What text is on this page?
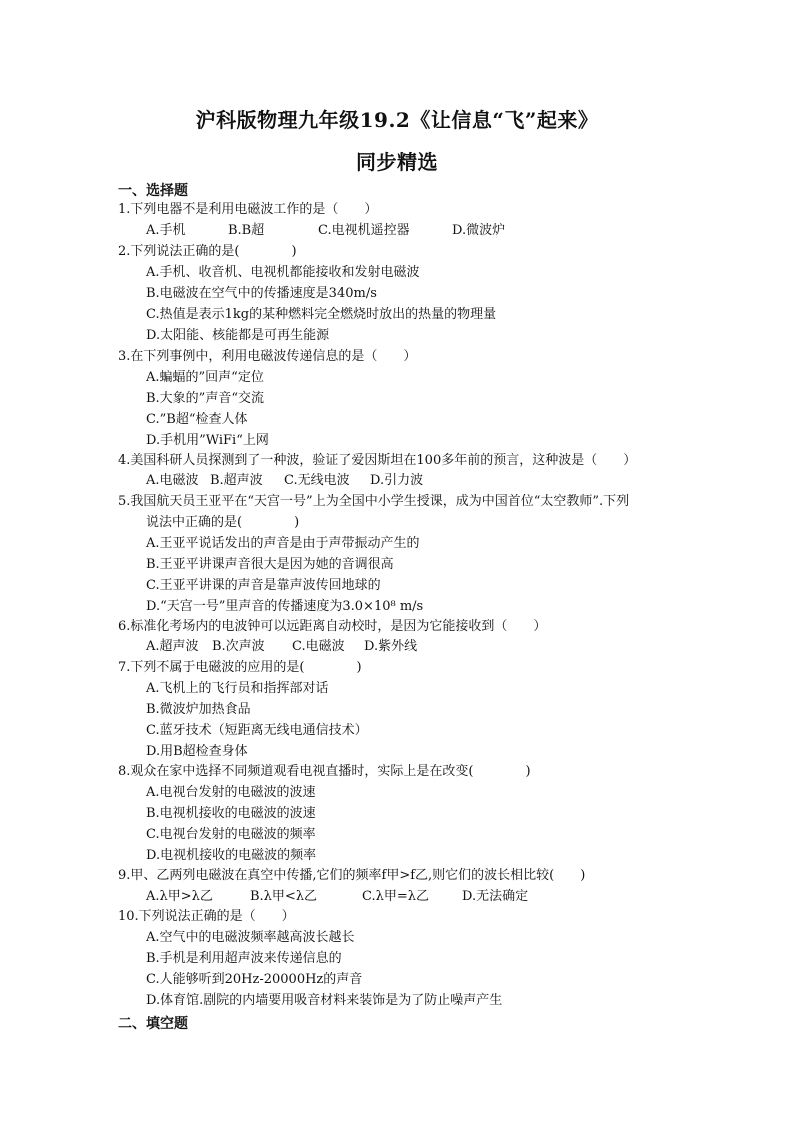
沪科版物理九年级19.2《让信息“飞”起来》
同步精选
一、选择题
1.下列电器不是利用电磁波工作的是（　　）
A.手机	B.B超	C.电视机遥控器	D.微波炉
2.下列说法正确的是(　　　　)
A.手机、收音机、电视机都能接收和发射电磁波
B.电磁波在空气中的传播速度是340m/s
C.热值是表示1kg的某种燃料完全燃烧时放出的热量的物理量
D.太阳能、核能都是可再生能源
3.在下列事例中，利用电磁波传递信息的是（　　）
A.蝙蝠的”回声“定位
B.大象的”声音“交流
C.”B超“检查人体
D.手机用”WiFi“上网
4.美国科研人员探测到了一种波，验证了爱因斯坦在100多年前的预言，这种波是（　　）
A.电磁波 B.超声波 C.无线电波 D.引力波
5.我国航天员王亚平在“天宫一号”上为全国中小学生授课，成为中国首位“太空教师”.下列
说法中正确的是(　　　　)
A.王亚平说话发出的声音是由于声带振动产生的
B.王亚平讲课声音很大是因为她的音调很高
C.王亚平讲课的声音是靠声波传回地球的
D.“天宫一号”里声音的传播速度为3.0×10⁸ m/s
6.标准化考场内的电波钟可以远距离自动校时，是因为它能接收到（　　）
A.超声波 B.次声波 C.电磁波 D.紫外线
7.下列不属于电磁波的应用的是(　　　　)
A.飞机上的飞行员和指挥部对话
B.微波炉加热食品
C.蓝牙技术（短距离无线电通信技术）
D.用B超检查身体
8.观众在家中选择不同频道观看电视直播时，实际上是在改变(　　　　)
A.电视台发射的电磁波的波速
B.电视机接收的电磁波的波速
C.电视台发射的电磁波的频率
D.电视机接收的电磁波的频率
9.甲、乙两列电磁波在真空中传播,它们的频率f甲>f乙,则它们的波长相比较(　　)
A.λ甲>λ乙	B.λ甲<λ乙	C.λ甲=λ乙	D.无法确定
10.下列说法正确的是（　　）
A.空气中的电磁波频率越高波长越长
B.手机是利用超声波来传递信息的
C.人能够听到20Hz-20000Hz的声音
D.体育馆.剧院的内墙要用吸音材料来装饰是为了防止噪声产生
二、填空题
